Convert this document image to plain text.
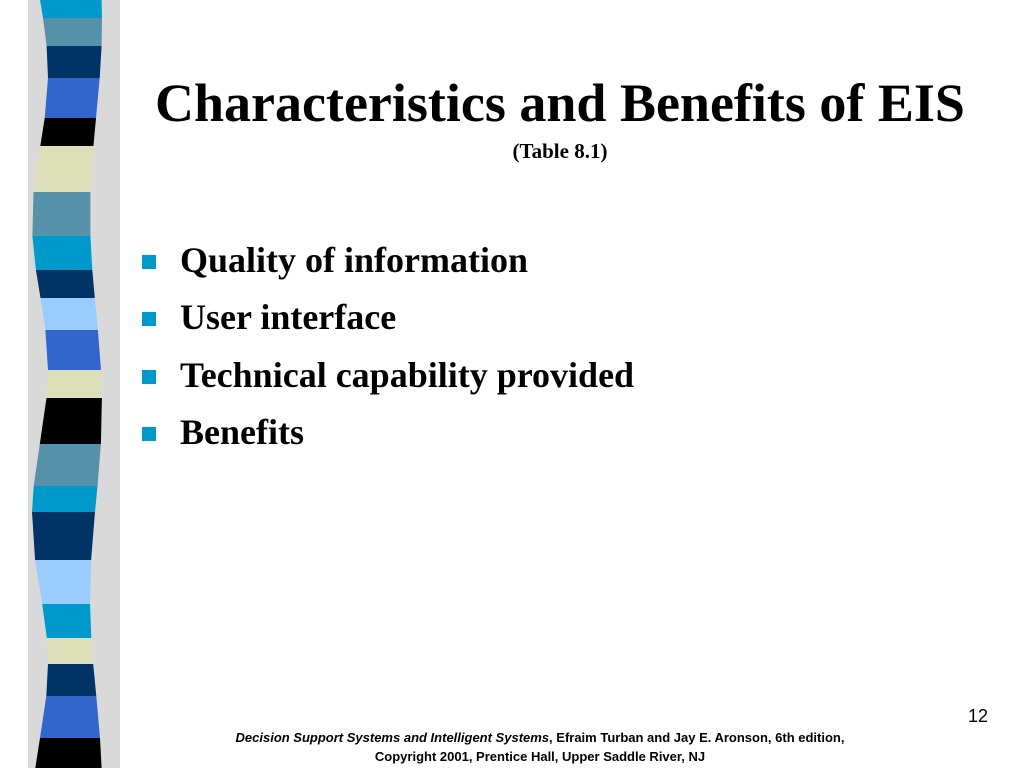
Characteristics and Benefits of EIS
(Table 8.1)
Quality of information
User interface
Technical capability provided
Benefits
12
Decision Support Systems and Intelligent Systems, Efraim Turban and Jay E. Aronson, 6th edition,
Copyright 2001, Prentice Hall, Upper Saddle River, NJ
